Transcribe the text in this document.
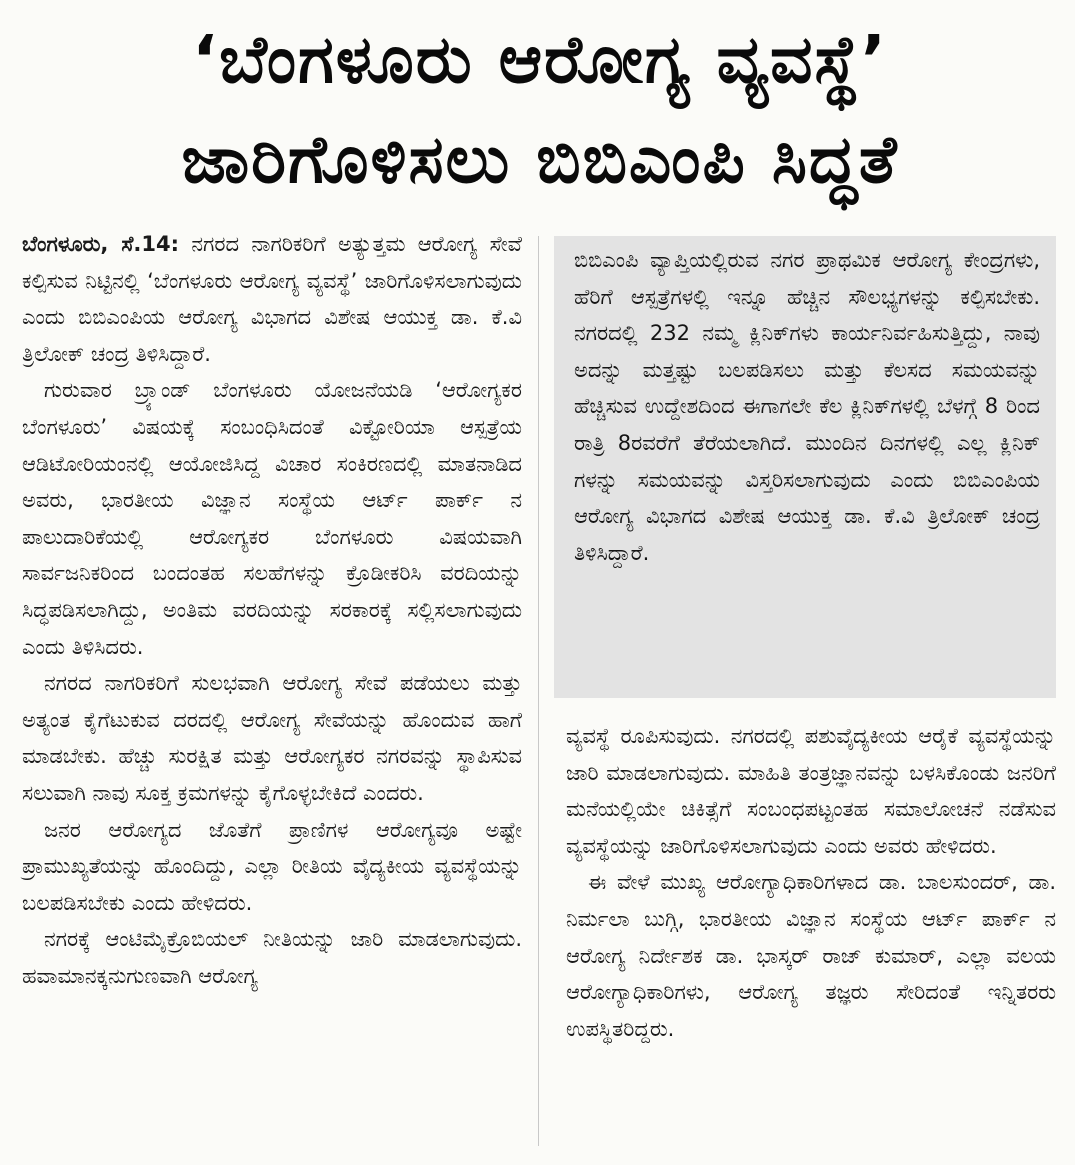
‘ಬೆಂಗಳೂರು ಆರೋಗ್ಯ ವ್ಯವಸ್ಥೆ’
ಜಾರಿಗೊಳಿಸಲು ಬಿಬಿಎಂಪಿ ಸಿದ್ಧತೆ

ಬೆಂಗಳೂರು, ಸೆ.14: ನಗರದ ನಾಗರಿಕರಿಗೆ ಅತ್ಯುತ್ತಮ ಆರೋಗ್ಯ ಸೇವೆ ಕಲ್ಪಿಸುವ ನಿಟ್ಟಿನಲ್ಲಿ ‘ಬೆಂಗಳೂರು ಆರೋಗ್ಯ ವ್ಯವಸ್ಥೆ’ ಜಾರಿಗೊಳಿಸಲಾಗುವುದು ಎಂದು ಬಿಬಿಎಂಪಿಯ ಆರೋಗ್ಯ ವಿಭಾಗದ ವಿಶೇಷ ಆಯುಕ್ತ ಡಾ. ಕೆ.ವಿ ತ್ರಿಲೋಕ್ ಚಂದ್ರ ತಿಳಿಸಿದ್ದಾರೆ.

ಗುರುವಾರ ಬ್ರ್ಯಾಂಡ್ ಬೆಂಗಳೂರು ಯೋಜನೆಯಡಿ ‘ಆರೋಗ್ಯಕರ ಬೆಂಗಳೂರು’ ವಿಷಯಕ್ಕೆ ಸಂಬಂಧಿಸಿದಂತೆ ವಿಕ್ಟೋರಿಯಾ ಆಸ್ಪತ್ರೆಯ ಆಡಿಟೋರಿಯಂನಲ್ಲಿ ಆಯೋಜಿಸಿದ್ದ ವಿಚಾರ ಸಂಕಿರಣದಲ್ಲಿ ಮಾತನಾಡಿದ ಅವರು, ಭಾರತೀಯ ವಿಜ್ಞಾನ ಸಂಸ್ಥೆಯ ಆರ್ಟ್ ಪಾರ್ಕ್ ನ ಪಾಲುದಾರಿಕೆಯಲ್ಲಿ ಆರೋಗ್ಯಕರ ಬೆಂಗಳೂರು ವಿಷಯವಾಗಿ ಸಾರ್ವಜನಿಕರಿಂದ ಬಂದಂತಹ ಸಲಹೆಗಳನ್ನು ಕ್ರೊಡೀಕರಿಸಿ ವರದಿಯನ್ನು ಸಿದ್ಧಪಡಿಸಲಾಗಿದ್ದು, ಅಂತಿಮ ವರದಿಯನ್ನು ಸರಕಾರಕ್ಕೆ ಸಲ್ಲಿಸಲಾಗುವುದು ಎಂದು ತಿಳಿಸಿದರು.

ನಗರದ ನಾಗರಿಕರಿಗೆ ಸುಲಭವಾಗಿ ಆರೋಗ್ಯ ಸೇವೆ ಪಡೆಯಲು ಮತ್ತು ಅತ್ಯಂತ ಕೈಗೆಟುಕುವ ದರದಲ್ಲಿ ಆರೋಗ್ಯ ಸೇವೆಯನ್ನು ಹೊಂದುವ ಹಾಗೆ ಮಾಡಬೇಕು. ಹೆಚ್ಚು ಸುರಕ್ಷಿತ ಮತ್ತು ಆರೋಗ್ಯಕರ ನಗರವನ್ನು ಸ್ಥಾಪಿಸುವ ಸಲುವಾಗಿ ನಾವು ಸೂಕ್ತ ಕ್ರಮಗಳನ್ನು ಕೈಗೊಳ್ಳಬೇಕಿದೆ ಎಂದರು.

ಜನರ ಆರೋಗ್ಯದ ಜೊತೆಗೆ ಪ್ರಾಣಿಗಳ ಆರೋಗ್ಯವೂ ಅಷ್ಟೇ ಪ್ರಾಮುಖ್ಯತೆಯನ್ನು ಹೊಂದಿದ್ದು, ಎಲ್ಲಾ ರೀತಿಯ ವೈದ್ಯಕೀಯ ವ್ಯವಸ್ಥೆಯನ್ನು ಬಲಪಡಿಸಬೇಕು ಎಂದು ಹೇಳಿದರು.

ನಗರಕ್ಕೆ ಆಂಟಿಮೈಕ್ರೊಬಿಯಲ್ ನೀತಿಯನ್ನು ಜಾರಿ ಮಾಡಲಾಗುವುದು. ಹವಾಮಾನಕ್ಕನುಗುಣವಾಗಿ ಆರೋಗ್ಯ

ಬಿಬಿಎಂಪಿ ವ್ಯಾಪ್ತಿಯಲ್ಲಿರುವ ನಗರ ಪ್ರಾಥಮಿಕ ಆರೋಗ್ಯ ಕೇಂದ್ರಗಳು, ಹೆರಿಗೆ ಆಸ್ಪತ್ರೆಗಳಲ್ಲಿ ಇನ್ನೂ ಹೆಚ್ಚಿನ ಸೌಲಭ್ಯಗಳನ್ನು ಕಲ್ಪಿಸಬೇಕು. ನಗರದಲ್ಲಿ 232 ನಮ್ಮ ಕ್ಲಿನಿಕ್‌ಗಳು ಕಾರ್ಯನಿರ್ವಹಿಸುತ್ತಿದ್ದು, ನಾವು ಅದನ್ನು ಮತ್ತಷ್ಟು ಬಲಪಡಿಸಲು ಮತ್ತು ಕೆಲಸದ ಸಮಯವನ್ನು ಹೆಚ್ಚಿಸುವ ಉದ್ದೇಶದಿಂದ ಈಗಾಗಲೇ ಕೆಲ ಕ್ಲಿನಿಕ್‌ಗಳಲ್ಲಿ ಬೆಳಗ್ಗೆ 8 ರಿಂದ ರಾತ್ರಿ 8ರವರೆಗೆ ತೆರೆಯಲಾಗಿದೆ. ಮುಂದಿನ ದಿನಗಳಲ್ಲಿ ಎಲ್ಲ ಕ್ಲಿನಿಕ್ ಗಳನ್ನು ಸಮಯವನ್ನು ವಿಸ್ತರಿಸಲಾಗುವುದು ಎಂದು ಬಿಬಿಎಂಪಿಯ ಆರೋಗ್ಯ ವಿಭಾಗದ ವಿಶೇಷ ಆಯುಕ್ತ ಡಾ. ಕೆ.ವಿ ತ್ರಿಲೋಕ್ ಚಂದ್ರ ತಿಳಿಸಿದ್ದಾರೆ.

ವ್ಯವಸ್ಥೆ ರೂಪಿಸುವುದು. ನಗರದಲ್ಲಿ ಪಶುವೈದ್ಯಕೀಯ ಆರೈಕೆ ವ್ಯವಸ್ಥೆಯನ್ನು ಜಾರಿ ಮಾಡಲಾಗುವುದು. ಮಾಹಿತಿ ತಂತ್ರಜ್ಞಾನವನ್ನು ಬಳಸಿಕೊಂಡು ಜನರಿಗೆ ಮನೆಯಲ್ಲಿಯೇ ಚಿಕಿತ್ಸೆಗೆ ಸಂಬಂಧಪಟ್ಟಂತಹ ಸಮಾಲೋಚನೆ ನಡೆಸುವ ವ್ಯವಸ್ಥೆಯನ್ನು ಜಾರಿಗೊಳಿಸಲಾಗುವುದು ಎಂದು ಅವರು ಹೇಳಿದರು.

ಈ ವೇಳೆ ಮುಖ್ಯ ಆರೋಗ್ಯಾಧಿಕಾರಿಗಳಾದ ಡಾ. ಬಾಲಸುಂದರ್, ಡಾ. ನಿರ್ಮಲಾ ಬುಗ್ಗಿ, ಭಾರತೀಯ ವಿಜ್ಞಾನ ಸಂಸ್ಥೆಯ ಆರ್ಟ್ ಪಾರ್ಕ್ ನ ಆರೋಗ್ಯ ನಿರ್ದೇಶಕ ಡಾ. ಭಾಸ್ಕರ್ ರಾಜ್ ಕುಮಾರ್, ಎಲ್ಲಾ ವಲಯ ಆರೋಗ್ಯಾಧಿಕಾರಿಗಳು, ಆರೋಗ್ಯ ತಜ್ಞರು ಸೇರಿದಂತೆ ಇನ್ನಿತರರು ಉಪಸ್ಥಿತರಿದ್ದರು.
